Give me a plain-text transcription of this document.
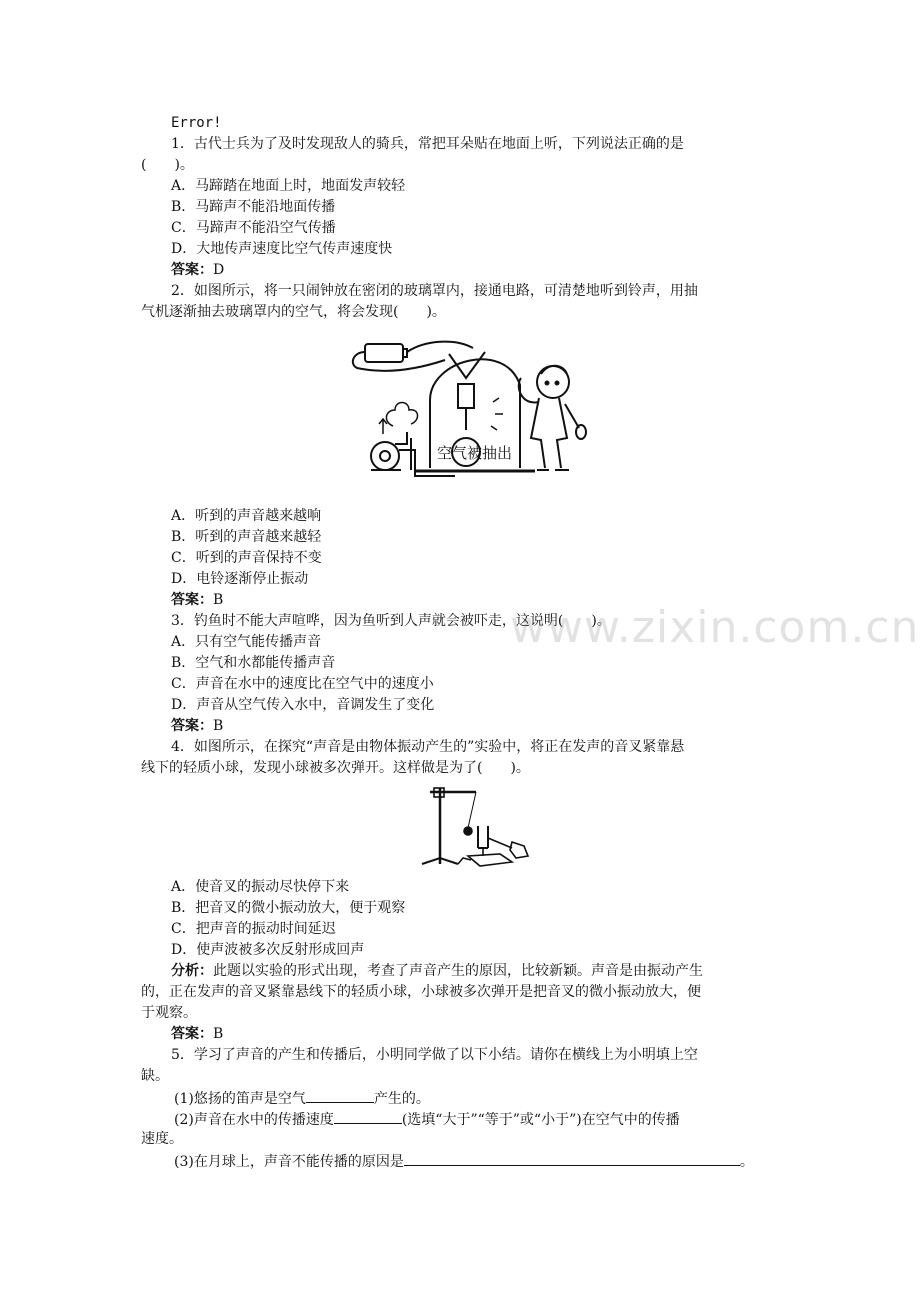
Error!
1．古代士兵为了及时发现敌人的骑兵，常把耳朵贴在地面上听，下列说法正确的是
(　　)。
A．马蹄踏在地面上时，地面发声较轻
B．马蹄声不能沿地面传播
C．马蹄声不能沿空气传播
D．大地传声速度比空气传声速度快
答案：D
2．如图所示，将一只闹钟放在密闭的玻璃罩内，接通电路，可清楚地听到铃声，用抽
气机逐渐抽去玻璃罩内的空气，将会发现(　　)。
空气被抽出
A．听到的声音越来越响
B．听到的声音越来越轻
C．听到的声音保持不变
D．电铃逐渐停止振动
答案：B
3．钓鱼时不能大声喧哗，因为鱼听到人声就会被吓走，这说明(　　)。
A．只有空气能传播声音
B．空气和水都能传播声音
C．声音在水中的速度比在空气中的速度小
D．声音从空气传入水中，音调发生了变化
答案：B
4．如图所示，在探究“声音是由物体振动产生的”实验中，将正在发声的音叉紧靠悬
线下的轻质小球，发现小球被多次弹开。这样做是为了(　　)。
A．使音叉的振动尽快停下来
B．把音叉的微小振动放大，便于观察
C．把声音的振动时间延迟
D．使声波被多次反射形成回声
分析：此题以实验的形式出现，考查了声音产生的原因，比较新颖。声音是由振动产生
的，正在发声的音叉紧靠悬线下的轻质小球，小球被多次弹开是把音叉的微小振动放大，便
于观察。
答案：B
5．学习了声音的产生和传播后，小明同学做了以下小结。请你在横线上为小明填上空
缺。
(1)悠扬的笛声是空气	产生的。
(2)声音在水中的传播速度	(选填“大于”“等于”或“小于”)在空气中的传播
速度。
(3)在月球上，声音不能传播的原因是	。
www.zixin.com.cn
